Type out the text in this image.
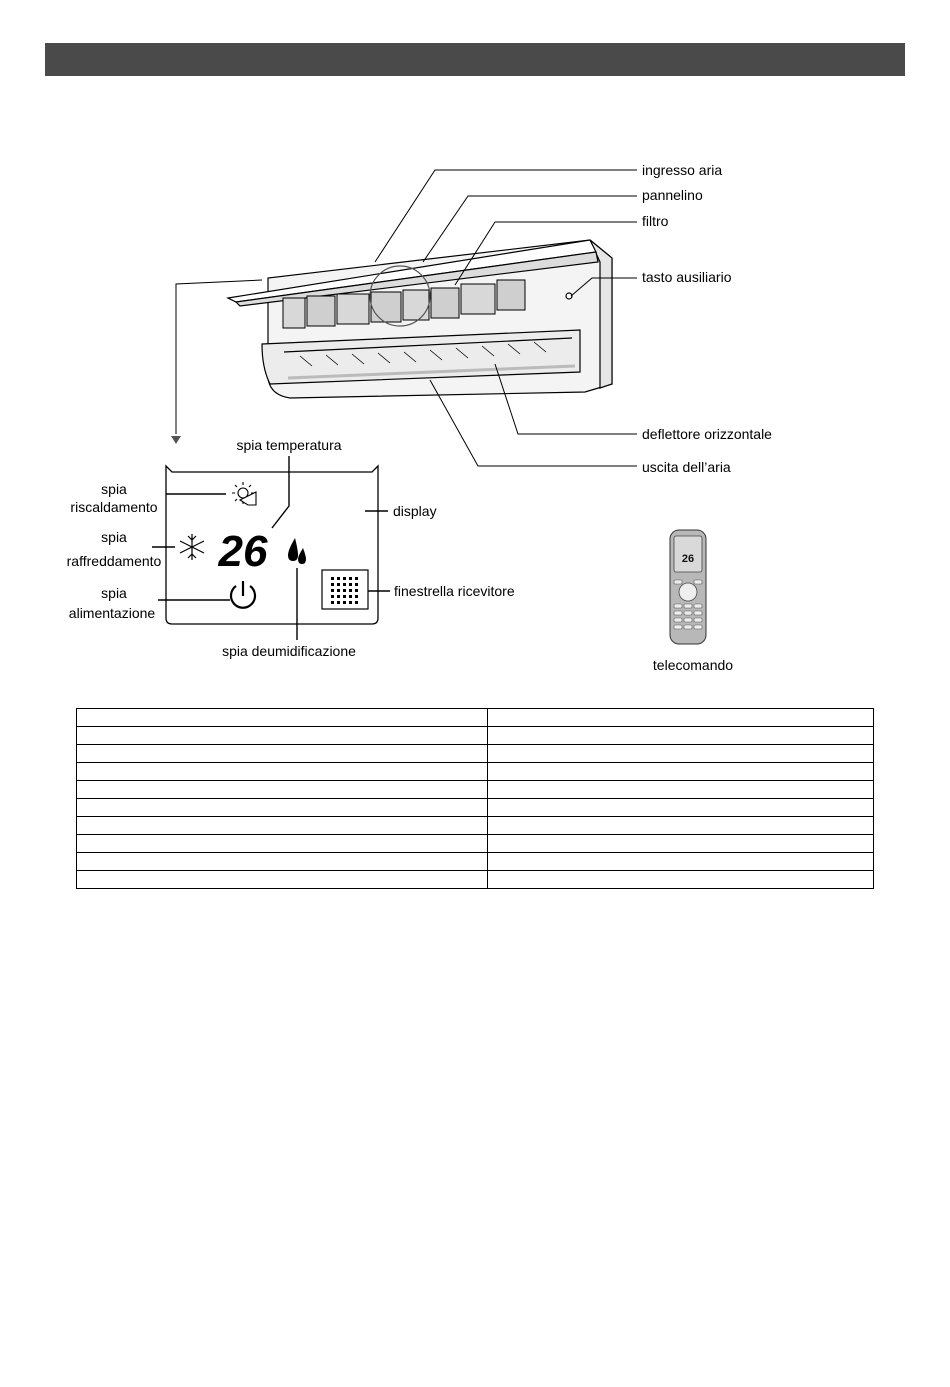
ingresso aria
pannelino
filtro
tasto ausiliario
deflettore orizzontale
uscita dell’aria
26
spia temperatura
spia
riscaldamento
spia
raffreddamento
spia
alimentazione
display
finestrella ricevitore
spia deumidificazione
26
telecomando
